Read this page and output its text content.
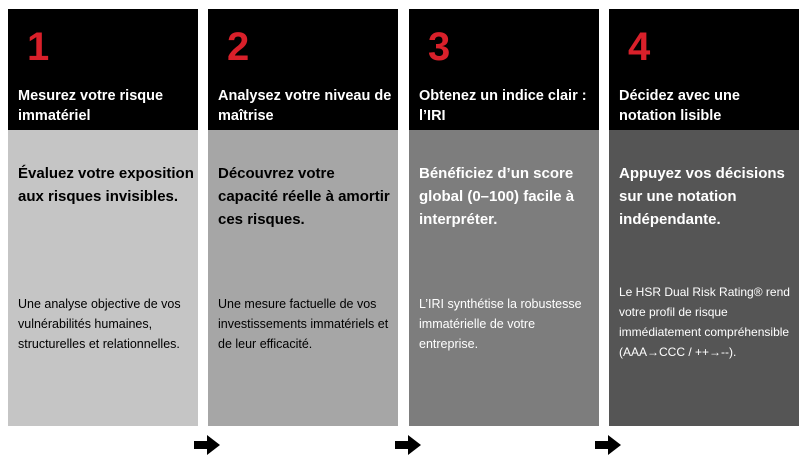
1
Mesurez votre risque immatériel
Évaluez votre exposition aux risques invisibles.
Une analyse objective de vos vulnérabilités humaines, structurelles et relationnelles.
2
Analysez votre niveau de maîtrise
Découvrez votre capacité réelle à amortir ces risques.
Une mesure factuelle de vos investissements immatériels et de leur efficacité.
3
Obtenez un indice clair : l’IRI
Bénéficiez d’un score global (0–100) facile à interpréter.
L’IRI synthétise la robustesse immatérielle de votre entreprise.
4
Décidez avec une notation lisible
Appuyez vos décisions sur une notation indépendante.
Le HSR Dual Risk Rating® rend votre profil de risque immédiatement compréhensible (AAA→CCC / ++→--).
